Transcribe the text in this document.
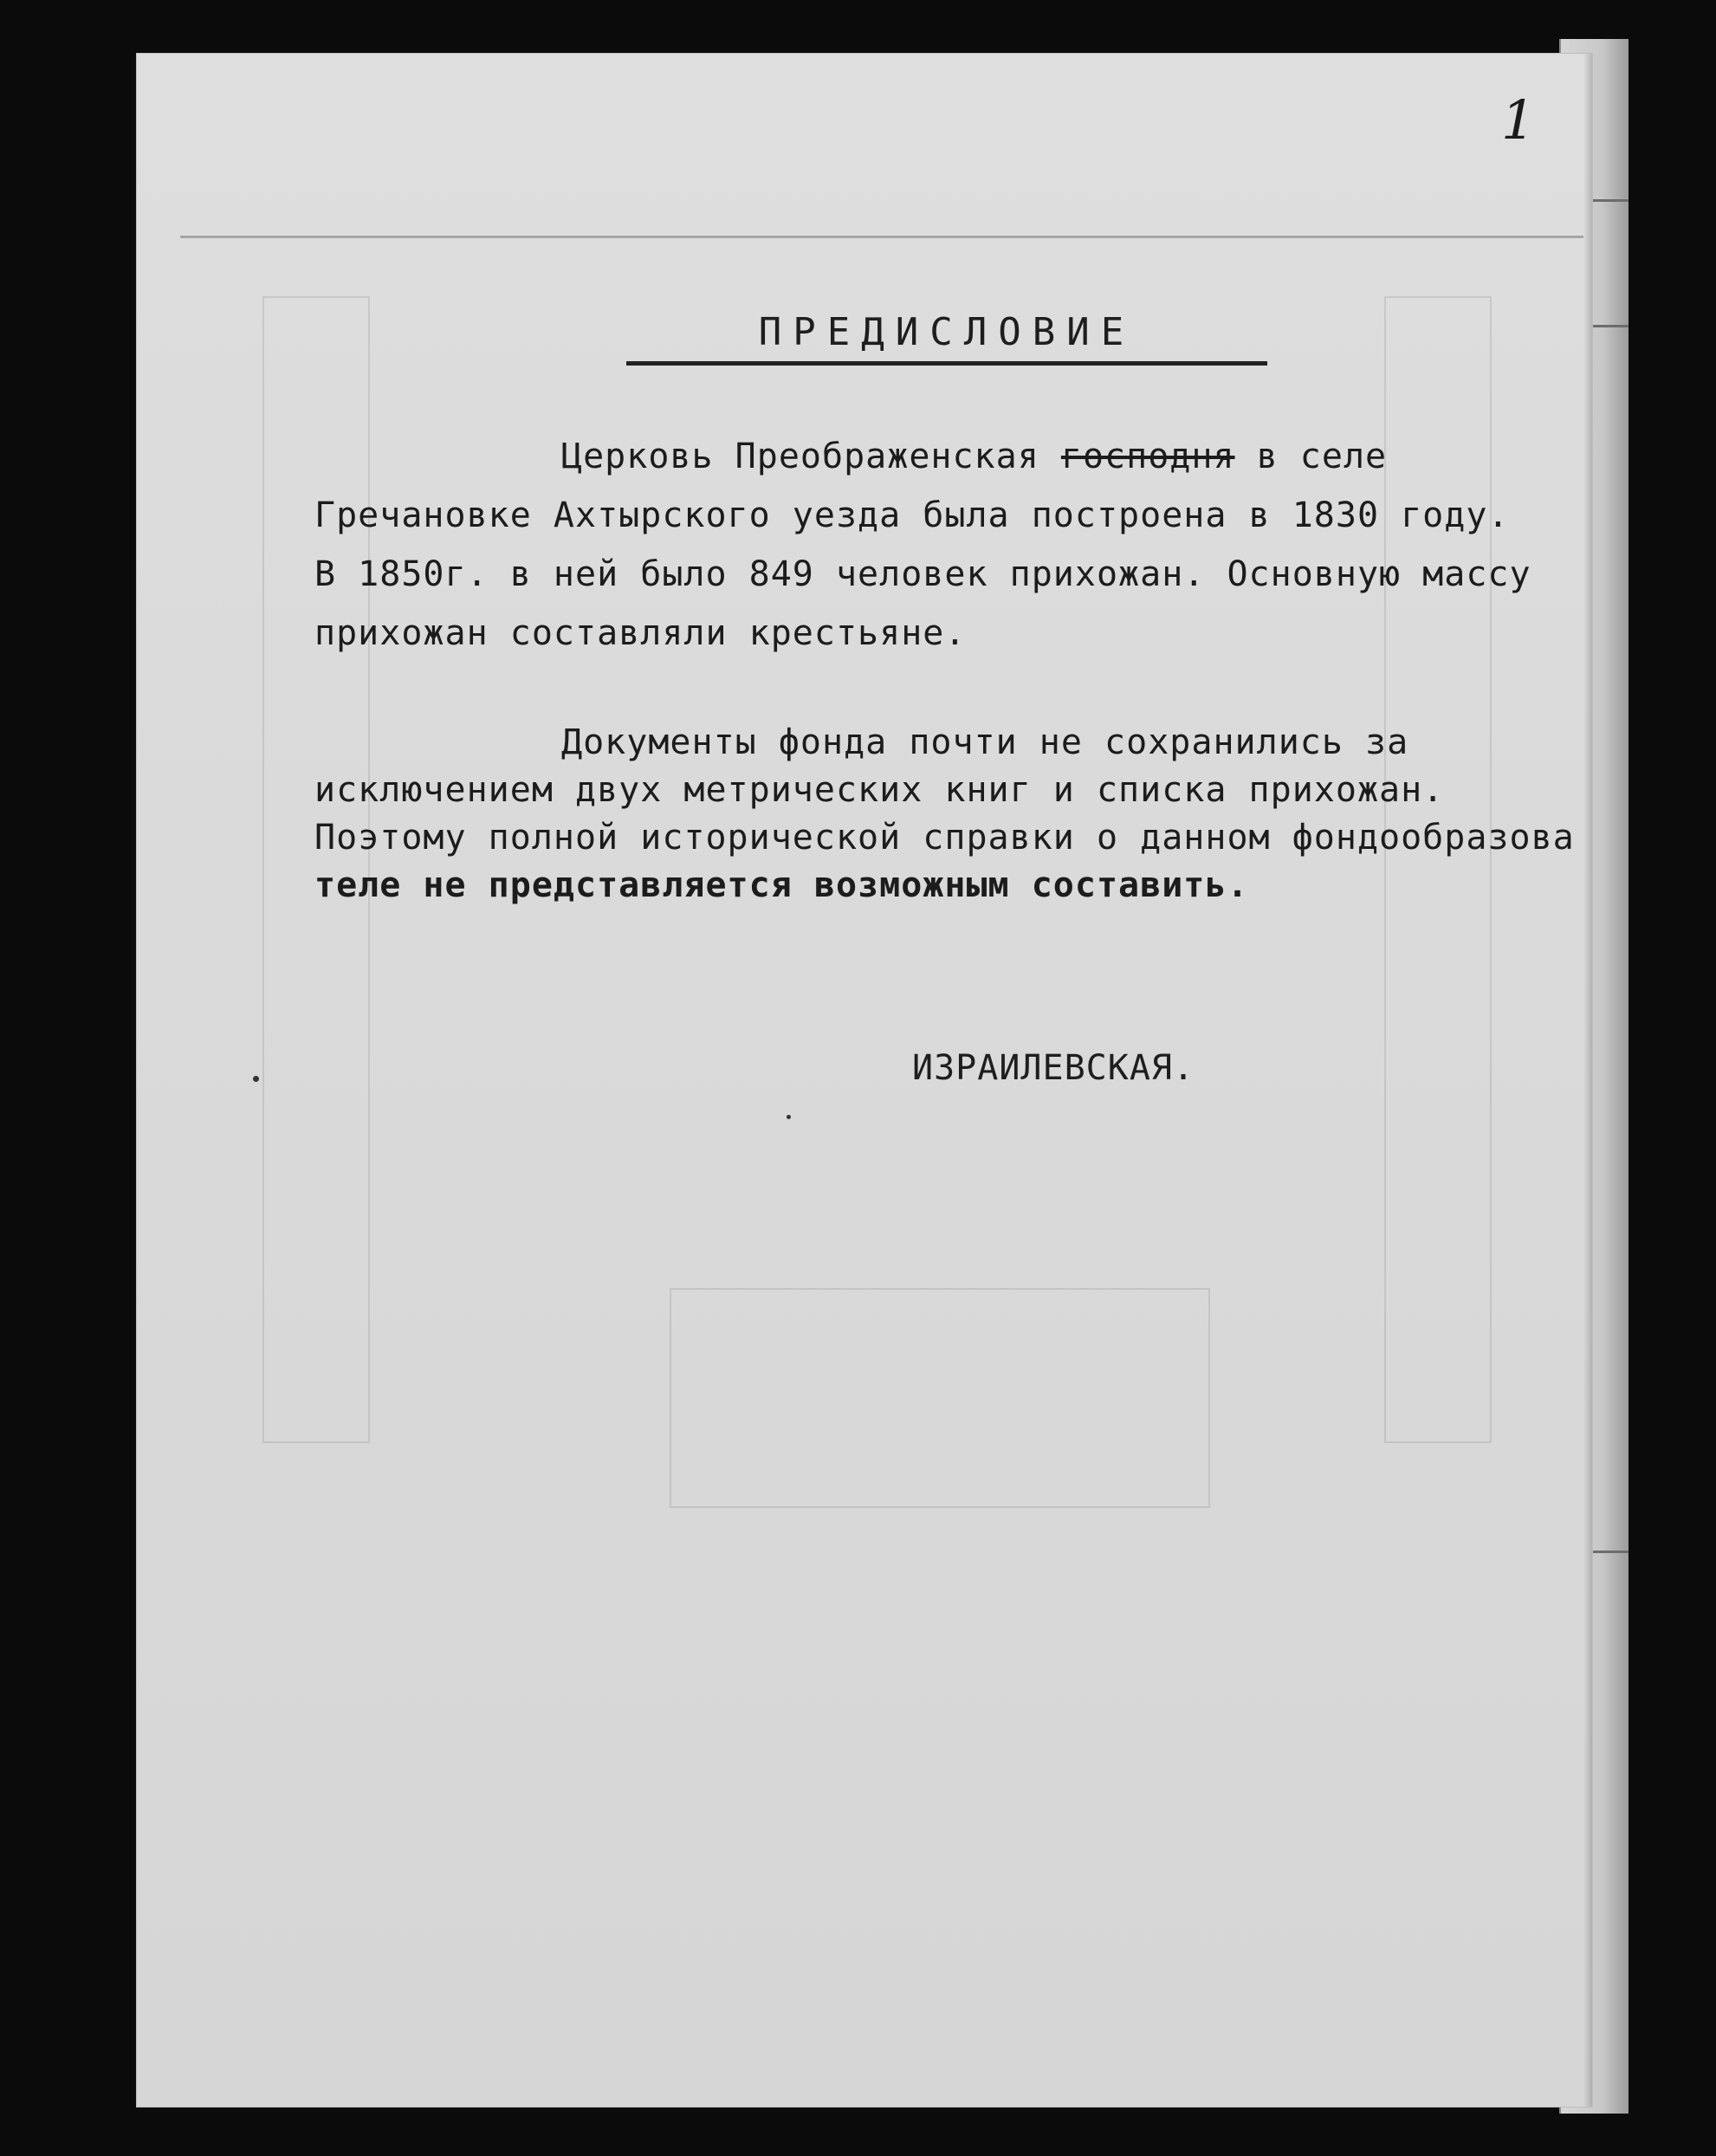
1
ПРЕДИСЛОВИЕ
Церковь Преображенская господня в селе
Гречановке Ахтырского уезда была построена в 1830 году.
В 1850г. в ней было 849 человек прихожан. Основную массу
прихожан составляли крестьяне.
Документы фонда почти не сохранились за
исключением двух метрических книг и списка прихожан.
Поэтому полной исторической справки о данном фондообразова
теле не представляется возможным составить.
ИЗРАИЛЕВСКАЯ.
